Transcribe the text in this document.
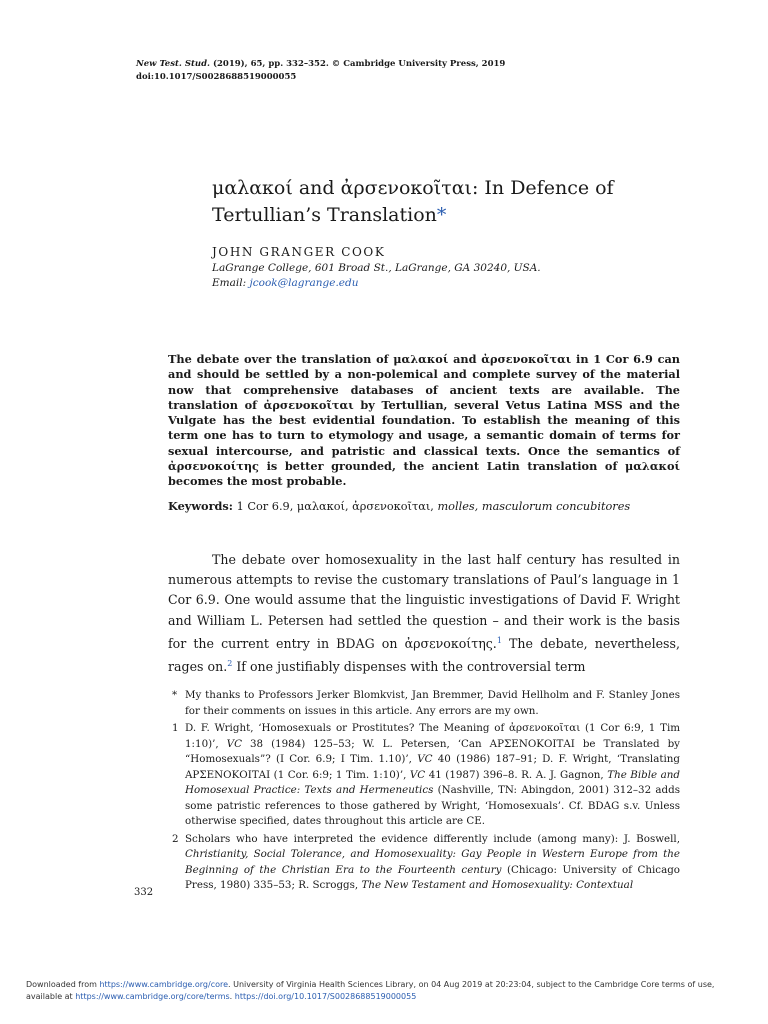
New Test. Stud. (2019), 65, pp. 332–352. © Cambridge University Press, 2019
doi:10.1017/S0028688519000055
μαλακοί and ἀρσενοκοῖται: In Defence of
Tertullian’s Translation*
JOHN GRANGER COOK
LaGrange College, 601 Broad St., LaGrange, GA 30240, USA.
Email: jcook@lagrange.edu
The debate over the translation of μαλακοί and ἀρσενοκοῖται in 1 Cor 6.9 can and should be settled by a non-polemical and complete survey of the material now that comprehensive databases of ancient texts are available. The translation of ἀρσενοκοῖται by Tertullian, several Vetus Latina MSS and the Vulgate has the best evidential foundation. To establish the meaning of this term one has to turn to etymology and usage, a semantic domain of terms for sexual intercourse, and patristic and classical texts. Once the semantics of ἀρσενοκοίτης is better grounded, the ancient Latin translation of μαλακοί becomes the most probable.
Keywords: 1 Cor 6.9, μαλακοί, ἀρσενοκοῖται, molles, masculorum concubitores

The debate over homosexuality in the last half century has resulted in numerous attempts to revise the customary translations of Paul’s language in 1 Cor 6.9. One would assume that the linguistic investigations of David F. Wright and William L. Petersen had settled the question – and their work is the basis for the current entry in BDAG on ἀρσενοκοίτης.$^1$ The debate, nevertheless, rages on.$^2$ If one justifiably dispenses with the controversial term

* My thanks to Professors Jerker Blomkvist, Jan Bremmer, David Hellholm and F. Stanley Jones for their comments on issues in this article. Any errors are my own.
1 D. F. Wright, ‘Homosexuals or Prostitutes? The Meaning of ἀρσενοκοῖται (1 Cor 6:9, 1 Tim 1:10)’, VC 38 (1984) 125–53; W. L. Petersen, ‘Can ΑΡΣΕΝΟΚΟΙΤΑΙ be Translated by “Homosexuals”? (I Cor. 6.9; I Tim. 1.10)’, VC 40 (1986) 187–91; D. F. Wright, ‘Translating ΑΡΣΕΝΟΚΟΙΤΑΙ (1 Cor. 6:9; 1 Tim. 1:10)’, VC 41 (1987) 396–8. R. A. J. Gagnon, The Bible and Homosexual Practice: Texts and Hermeneutics (Nashville, TN: Abingdon, 2001) 312–32 adds some patristic references to those gathered by Wright, ‘Homosexuals’. Cf. BDAG s.v. Unless otherwise specified, dates throughout this article are CE.
2 Scholars who have interpreted the evidence differently include (among many): J. Boswell, Christianity, Social Tolerance, and Homosexuality: Gay People in Western Europe from the Beginning of the Christian Era to the Fourteenth century (Chicago: University of Chicago Press, 1980) 335–53; R. Scroggs, The New Testament and Homosexuality: Contextual
332
Downloaded from https://www.cambridge.org/core. University of Virginia Health Sciences Library, on 04 Aug 2019 at 20:23:04, subject to the Cambridge Core terms of use, available at https://www.cambridge.org/core/terms. https://doi.org/10.1017/S0028688519000055
